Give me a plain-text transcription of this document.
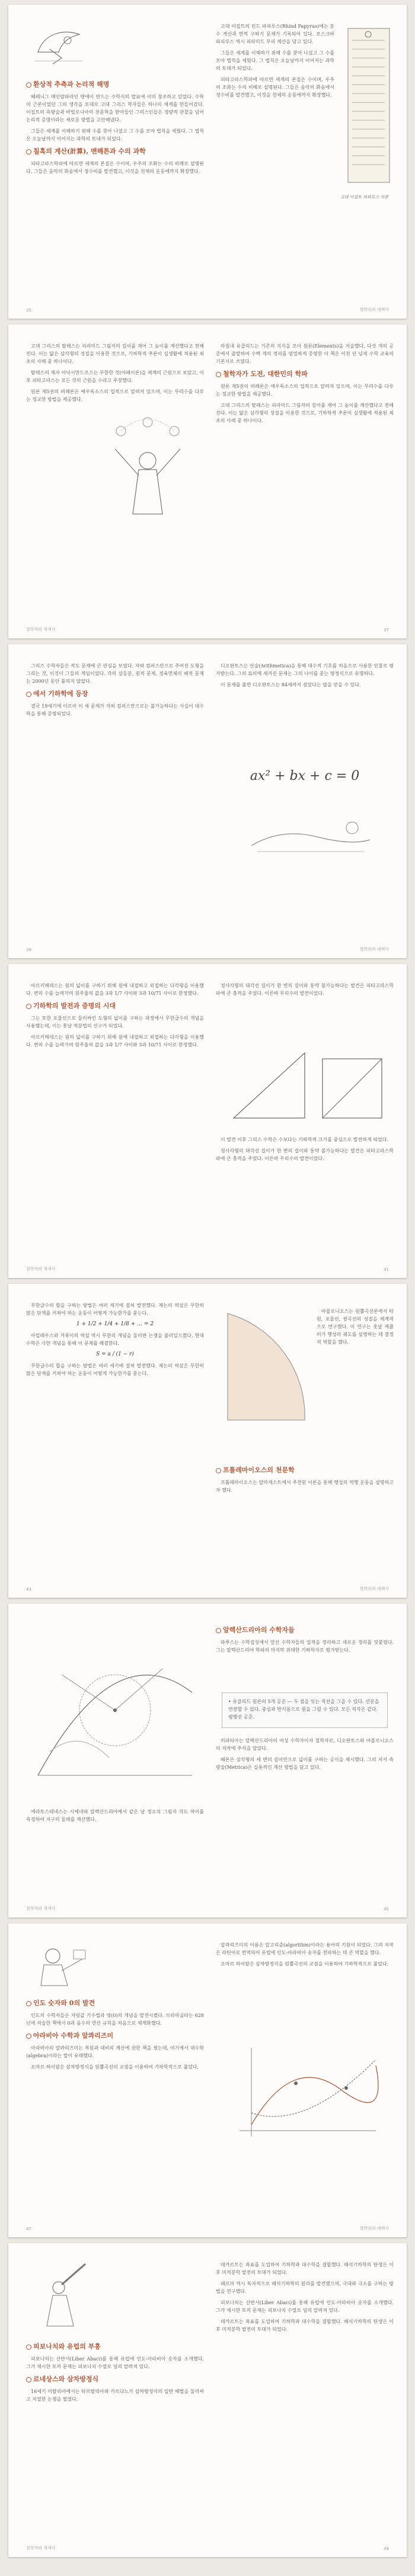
환상적 추측과 논리적 해명

헤레니그 메인랄파라인 맨에이 반드는 수학식의 발표에 이미 창조하고 있었다. 수학의 근본이었던 그의 생각을 토대로 고대 그리스 학자들은 하나의 체계를 만들어갔다. 이집트의 측량술과 바빌로니아의 천문학을 받아들인 그리스인들은 정량적 관찰을 넘어 논리적 증명이라는 새로운 방법을 고안해냈다.

그들은 세계를 이해하기 위해 수를 찾아 나섰고 그 수를 모아 법칙을 세웠다. 그 법칙은 오늘날까지 이어지는 과학의 토대가 되었다.

칠흑의 계산(計算), 맨해튼과 수의 과학

피타고라스학파에 따르면 세계의 본질은 수이며, 우주의 조화는 수의 비례로 설명된다. 그들은 음악의 화음에서 정수비를 발견했고, 이것을 천체의 운동에까지 확장했다.

고대 이집트의 린드 파피루스(Rhind Papyrus)에는 분수 계산과 면적 구하기 문제가 기록되어 있다. 모스크바 파피루스 역시 피라미드 부피 계산을 담고 있다.

그들은 세계를 이해하기 위해 수를 찾아 나섰고 그 수를 모아 법칙을 세웠다. 그 법칙은 오늘날까지 이어지는 과학의 토대가 되었다.

피타고라스학파에 따르면 세계의 본질은 수이며, 우주의 조화는 수의 비례로 설명된다. 그들은 음악의 화음에서 정수비를 발견했고, 이것을 천체의 운동에까지 확장했다.

고대 이집트 파피루스 사본
35	철학자의 세계사

고대 그리스의 탈레스는 피라미드 그림자의 길이를 재어 그 높이를 계산했다고 전해진다. 이는 닮은 삼각형의 성질을 이용한 것으로, 기하학적 추론이 실생활에 적용된 최초의 사례 중 하나이다.

탈레스의 제자 아낙시만드로스는 무한한 것(아페이론)을 세계의 근원으로 보았고, 이후 피타고라스는 모든 것의 근원을 수라고 주장했다.

원론 제5권의 비례론은 에우독소스의 업적으로 알려져 있으며, 이는 무리수를 다루는 정교한 방법을 제공했다.

마침내 유클리드는 기존의 지식을 모아 원론(Elements)을 저술했다. 다섯 개의 공준에서 출발하여 수백 개의 정리를 엄밀하게 증명한 이 책은 이천 년 넘게 수학 교육의 기본서로 쓰였다.

철학자가 도전, 대한민의 학파

원론 제5권의 비례론은 에우독소스의 업적으로 알려져 있으며, 이는 무리수를 다루는 정교한 방법을 제공했다.

고대 그리스의 탈레스는 피라미드 그림자의 길이를 재어 그 높이를 계산했다고 전해진다. 이는 닮은 삼각형의 성질을 이용한 것으로, 기하학적 추론이 실생활에 적용된 최초의 사례 중 하나이다.

철학자의 세계사	37

그리스 수학자들은 작도 문제에 큰 관심을 보였다. 자와 컴퍼스만으로 주어진 도형을 그리는 것, 이것이 그들의 게임이었다. 각의 삼등분, 원적 문제, 정육면체의 배적 문제는 2000년 동안 풀리지 않았다.

에서 기하학에 등장

결국 19세기에 이르러 이 세 문제가 자와 컴퍼스만으로는 불가능하다는 사실이 대수학을 통해 증명되었다.

디오판토스는 산술(Arithmetica)을 통해 대수적 기호를 처음으로 사용한 인물로 평가받는다. 그의 묘비에 새겨진 문제는 그의 나이를 묻는 방정식으로 유명하다.

이 문제를 풀면 디오판토스는 84세까지 살았다는 답을 얻을 수 있다.

ax² + bx + c = 0
39	철학자의 세계사

아르키메데스는 원의 넓이를 구하기 위해 원에 내접하고 외접하는 다각형을 이용했다. 변의 수를 늘려가며 원주율의 값을 3과 1/7 사이와 3과 10/71 사이로 한정했다.

기하학의 발전과 증명의 시대

그는 또한 포물선으로 둘러싸인 도형의 넓이를 구하는 과정에서 무한급수의 개념을 사용했는데, 이는 훗날 적분법의 선구가 되었다.

아르키메데스는 원의 넓이를 구하기 위해 원에 내접하고 외접하는 다각형을 이용했다. 변의 수를 늘려가며 원주율의 값을 3과 1/7 사이와 3과 10/71 사이로 한정했다.

정사각형의 대각선 길이가 한 변의 길이와 통약 불가능하다는 발견은 피타고라스학파에 큰 충격을 주었다. 이른바 무리수의 발견이었다.

이 발견 이후 그리스 수학은 수보다는 기하학적 크기를 중심으로 발전하게 되었다.

정사각형의 대각선 길이가 한 변의 길이와 통약 불가능하다는 발견은 피타고라스학파에 큰 충격을 주었다. 이른바 무리수의 발견이었다.

철학자의 세계사	41

무한급수의 합을 구하는 방법은 여러 세기에 걸쳐 발전했다. 제논의 역설은 무한히 많은 단계를 거쳐야 하는 운동이 어떻게 가능한가를 묻는다.

1 + 1/2 + 1/4 + 1/8 + … = 2

아킬레우스와 거북이의 역설 역시 무한의 개념을 둘러싼 논쟁을 불러일으켰다. 현대 수학은 극한 개념을 통해 이 문제를 해결한다.

S = a / (1 − r)

무한급수의 합을 구하는 방법은 여러 세기에 걸쳐 발전했다. 제논의 역설은 무한히 많은 단계를 거쳐야 하는 운동이 어떻게 가능한가를 묻는다.

아폴로니오스는 원뿔곡선론에서 타원, 포물선, 쌍곡선의 성질을 체계적으로 연구했다. 이 연구는 훗날 케플러가 행성의 궤도를 설명하는 데 결정적 역할을 했다.

프톨레마이오스의 천문학

프톨레마이오스는 알마게스트에서 주전원 이론을 통해 행성의 역행 운동을 설명하고자 했다.

43	철학자의 세계사
알렉산드리아의 수학자들

파푸스는 수학집성에서 앞선 수학자들의 업적을 정리하고 새로운 정리를 덧붙였다. 그는 알렉산드리아 학파의 마지막 위대한 기하학자로 평가받는다.

• 유클리드 원론의 5개 공준 — 두 점을 잇는 직선을 그을 수 있다. 선분을 연장할 수 있다. 중심과 반지름으로 원을 그릴 수 있다. 모든 직각은 같다. 평행선 공준.

히파티아는 알렉산드리아의 여성 수학자이자 철학자로, 디오판토스와 아폴로니오스의 저작에 주석을 달았다.

헤론은 삼각형의 세 변의 길이만으로 넓이를 구하는 공식을 제시했다. 그의 저서 측량술(Metrica)은 실용적인 계산 방법을 담고 있다.

에라토스테네스는 시에네와 알렉산드리아에서 같은 날 정오의 그림자 각도 차이를 측정하여 지구의 둘레를 계산했다.

철학자의 세계사	45
인도 숫자와 0의 발견

인도의 수학자들은 자릿값 기수법과 영(0)의 개념을 발전시켰다. 브라마굽타는 628년에 저술한 책에서 0과 음수의 연산 규칙을 처음으로 체계화했다.

아라비아 수학과 알콰리즈미

아라비아의 알콰리즈미는 복원과 대비의 계산에 관한 책을 썼는데, 여기에서 대수학(algebra)이라는 말이 유래했다.

오마르 하이얌은 삼차방정식을 원뿔곡선의 교점을 이용하여 기하학적으로 풀었다.

알콰리즈미의 이름은 알고리즘(algorithm)이라는 용어의 기원이 되었다. 그의 저작은 라틴어로 번역되어 유럽에 인도-아라비아 숫자를 전파하는 데 큰 역할을 했다.

오마르 하이얌은 삼차방정식을 원뿔곡선의 교점을 이용하여 기하학적으로 풀었다.

47	철학자의 세계사
피보나치와 유럽의 부흥

피보나치는 산반서(Liber Abaci)를 통해 유럽에 인도-아라비아 숫자를 소개했다. 그가 제시한 토끼 문제는 피보나치 수열로 널리 알려져 있다.

르네상스와 삼차방정식

16세기 이탈리아에서는 타르탈리아와 카르다노가 삼차방정식의 일반 해법을 둘러싸고 치열한 논쟁을 벌였다.

데카르트는 좌표를 도입하여 기하학과 대수학을 결합했다. 해석기하학의 탄생은 이후 미적분학 발전의 토대가 되었다.

페르마 역시 독자적으로 해석기하학의 원리를 발견했으며, 극대와 극소를 구하는 방법을 연구했다.

피보나치는 산반서(Liber Abaci)를 통해 유럽에 인도-아라비아 숫자를 소개했다. 그가 제시한 토끼 문제는 피보나치 수열로 널리 알려져 있다.

데카르트는 좌표를 도입하여 기하학과 대수학을 결합했다. 해석기하학의 탄생은 이후 미적분학 발전의 토대가 되었다.

철학자의 세계사	49
